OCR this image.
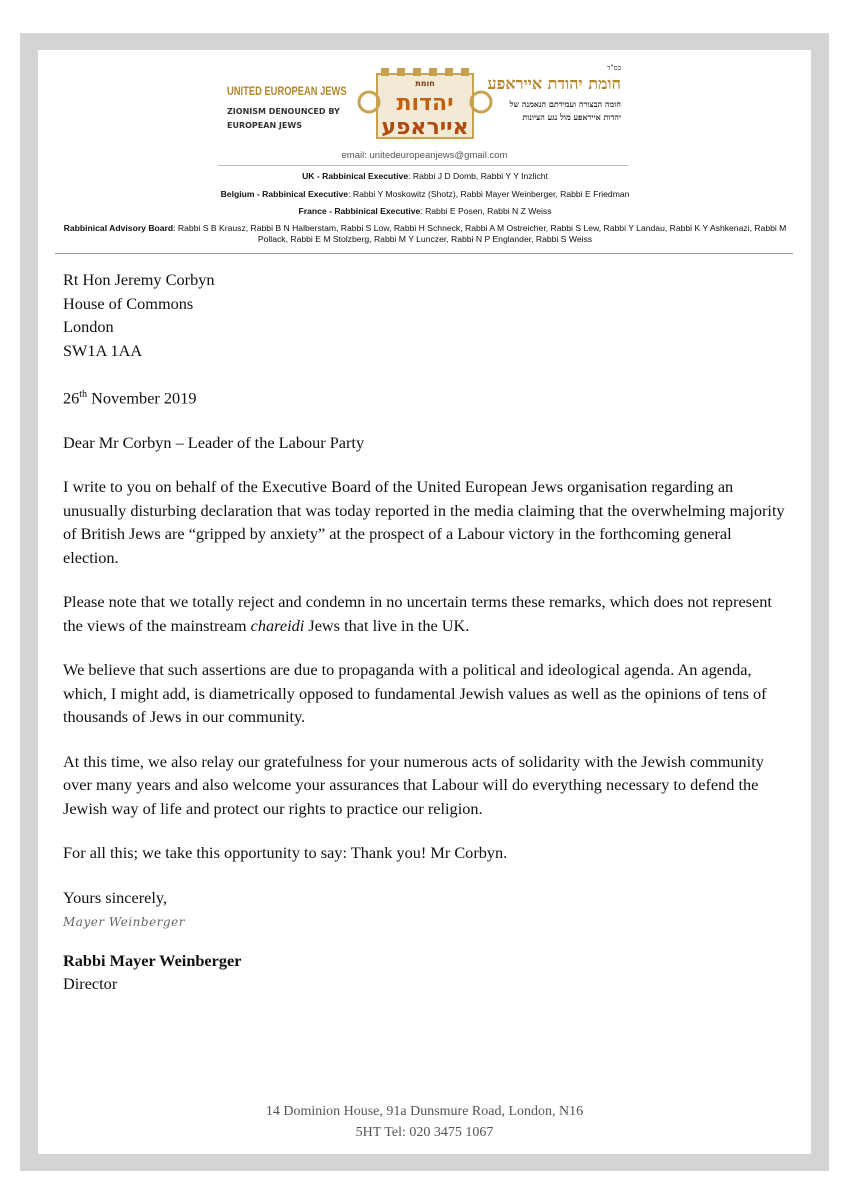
UNITED EUROPEAN JEWS
ZIONISM DENOUNCED BY
EUROPEAN JEWS
חומת
יהדות
אייראפע
בס"ד
חומת יהודת אייראפע
חומה הבצורה ועמידתם הנאמנה של
יהדות אייראפע מול נגע הציונות
email: unitedeuropeanjews@gmail.com

UK - Rabbinical Executive: Rabbi J D Domb, Rabbi Y Y Inzlicht

Belgium - Rabbinical Executive: Rabbi Y Moskowitz (Shotz), Rabbi Mayer Weinberger, Rabbi E Friedman

France - Rabbinical Executive: Rabbi E Posen, Rabbi N Z Weiss

Rabbinical Advisory Board: Rabbi S B Krausz, Rabbi B N Halberstam, Rabbi S Low, Rabbi H Schneck, Rabbi A M Ostreicher, Rabbi S Lew, Rabbi Y Landau, Rabbi K Y Ashkenazi, Rabbi M Pollack, Rabbi E M Stolzberg, Rabbi M Y Lunczer, Rabbi N P Englander, Rabbi S Weiss

Rt Hon Jeremy Corbyn
House of Commons
London
SW1A 1AA

26th November 2019

Dear Mr Corbyn – Leader of the Labour Party

I write to you on behalf of the Executive Board of the United European Jews organisation regarding an unusually disturbing declaration that was today reported in the media claiming that the overwhelming majority of British Jews are “gripped by anxiety” at the prospect of a Labour victory in the forthcoming general election.

Please note that we totally reject and condemn in no uncertain terms these remarks, which does not represent the views of the mainstream chareidi Jews that live in the UK.

We believe that such assertions are due to propaganda with a political and ideological agenda. An agenda, which, I might add, is diametrically opposed to fundamental Jewish values as well as the opinions of tens of thousands of Jews in our community.

At this time, we also relay our gratefulness for your numerous acts of solidarity with the Jewish community over many years and also welcome your assurances that Labour will do everything necessary to defend the Jewish way of life and protect our rights to practice our religion.

For all this; we take this opportunity to say: Thank you! Mr Corbyn.

Yours sincerely,

Mayer Weinberger
Rabbi Mayer Weinberger
Director
14 Dominion House, 91a Dunsmure Road, London, N16
5HT Tel: 020 3475 1067
